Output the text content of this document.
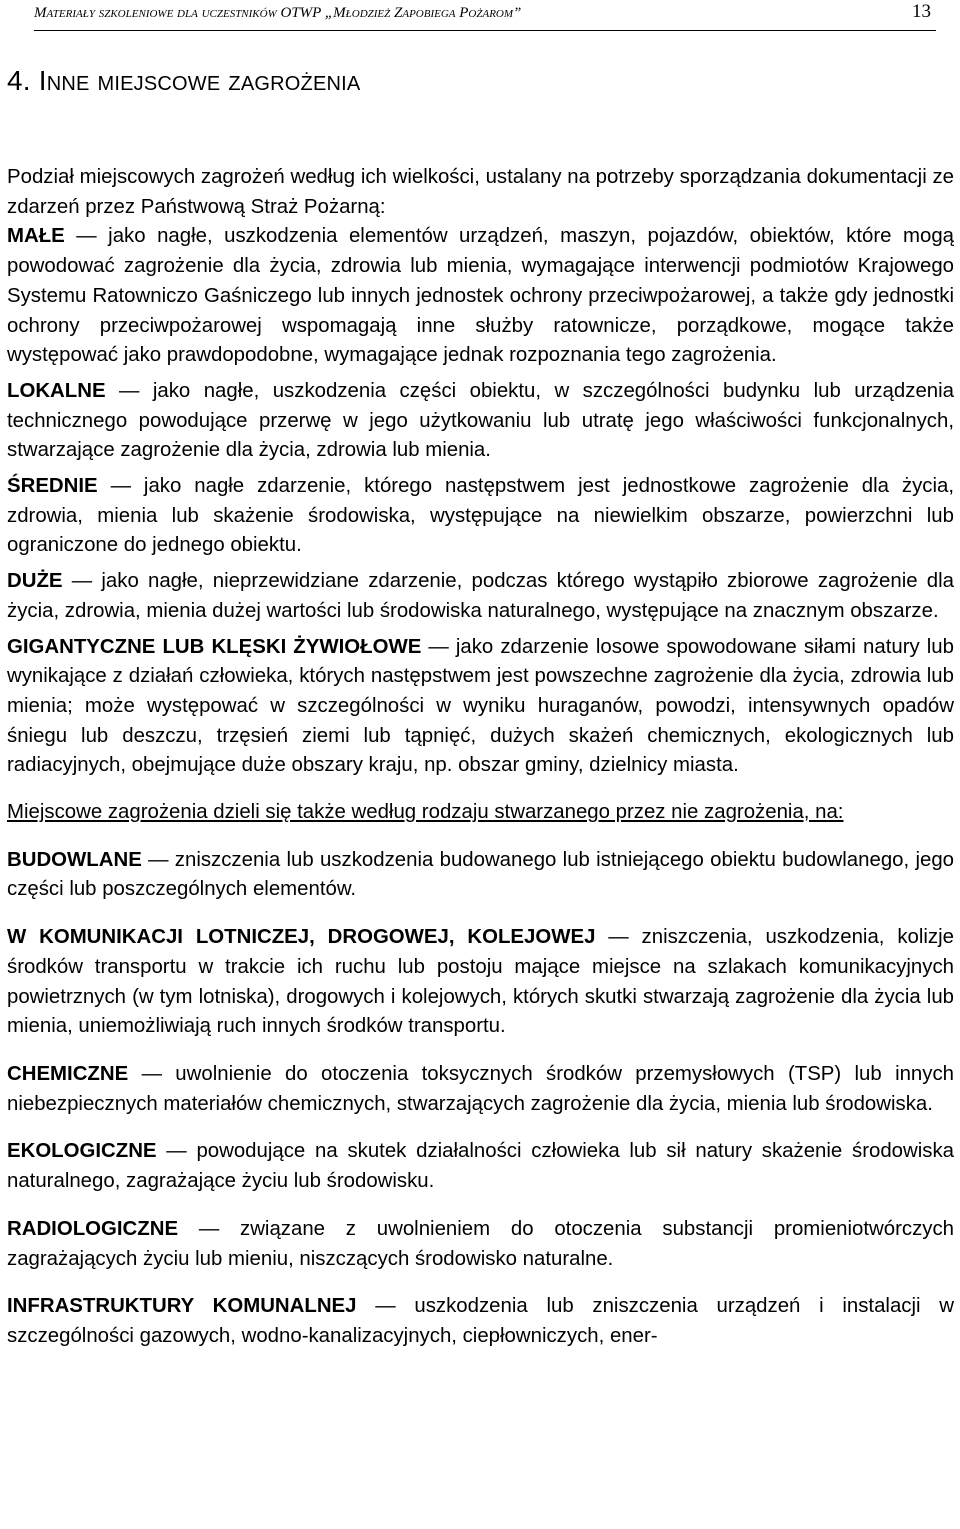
Materiały szkoleniowe dla uczestników OTWP „Młodzież Zapobiega Pożarom”	13
4. Inne miejscowe zagrożenia

Podział miejscowych zagrożeń według ich wielkości, ustalany na potrzeby sporządzania dokumentacji ze zdarzeń przez Państwową Straż Pożarną:

MAŁE — jako nagłe, uszkodzenia elementów urządzeń, maszyn, pojazdów, obiektów, które mogą powodować zagrożenie dla życia, zdrowia lub mienia, wymagające interwencji podmiotów Krajowego Systemu Ratowniczo Gaśniczego lub innych jednostek ochrony przeciwpożarowej, a także gdy jednostki ochrony przeciwpożarowej wspomagają inne służby ratownicze, porządkowe, mogące także występować jako prawdopodobne, wymagające jednak rozpoznania tego zagrożenia.

LOKALNE — jako nagłe, uszkodzenia części obiektu, w szczególności budynku lub urządzenia technicznego powodujące przerwę w jego użytkowaniu lub utratę jego właściwości funkcjonalnych, stwarzające zagrożenie dla życia, zdrowia lub mienia.

ŚREDNIE — jako nagłe zdarzenie, którego następstwem jest jednostkowe zagrożenie dla życia, zdrowia, mienia lub skażenie środowiska, występujące na niewielkim obszarze, powierzchni lub ograniczone do jednego obiektu.

DUŻE — jako nagłe, nieprzewidziane zdarzenie, podczas którego wystąpiło zbiorowe zagrożenie dla życia, zdrowia, mienia dużej wartości lub środowiska naturalnego, występujące na znacznym obszarze.

GIGANTYCZNE LUB KLĘSKI ŻYWIOŁOWE — jako zdarzenie losowe spowodowane siłami natury lub wynikające z działań człowieka, których następstwem jest powszechne zagrożenie dla życia, zdrowia lub mienia; może występować w szczególności w wyniku huraganów, powodzi, intensywnych opadów śniegu lub deszczu, trzęsień ziemi lub tąpnięć, dużych skażeń chemicznych, ekologicznych lub radiacyjnych, obejmujące duże obszary kraju, np. obszar gminy, dzielnicy miasta.

Miejscowe zagrożenia dzieli się także według rodzaju stwarzanego przez nie zagrożenia, na:

BUDOWLANE — zniszczenia lub uszkodzenia budowanego lub istniejącego obiektu budowlanego, jego części lub poszczególnych elementów.

W KOMUNIKACJI LOTNICZEJ, DROGOWEJ, KOLEJOWEJ — zniszczenia, uszkodzenia, kolizje środków transportu w trakcie ich ruchu lub postoju mające miejsce na szlakach komunikacyjnych powietrznych (w tym lotniska), drogowych i kolejowych, których skutki stwarzają zagrożenie dla życia lub mienia, uniemożliwiają ruch innych środków transportu.

CHEMICZNE — uwolnienie do otoczenia toksycznych środków przemysłowych (TSP) lub innych niebezpiecznych materiałów chemicznych, stwarzających zagrożenie dla życia, mienia lub środowiska.

EKOLOGICZNE — powodujące na skutek działalności człowieka lub sił natury skażenie środowiska naturalnego, zagrażające życiu lub środowisku.

RADIOLOGICZNE — związane z uwolnieniem do otoczenia substancji promieniotwórczych zagrażających życiu lub mieniu, niszczących środowisko naturalne.

INFRASTRUKTURY KOMUNALNEJ — uszkodzenia lub zniszczenia urządzeń i instalacji w szczególności gazowych, wodno-kanalizacyjnych, ciepłowniczych, ener-
